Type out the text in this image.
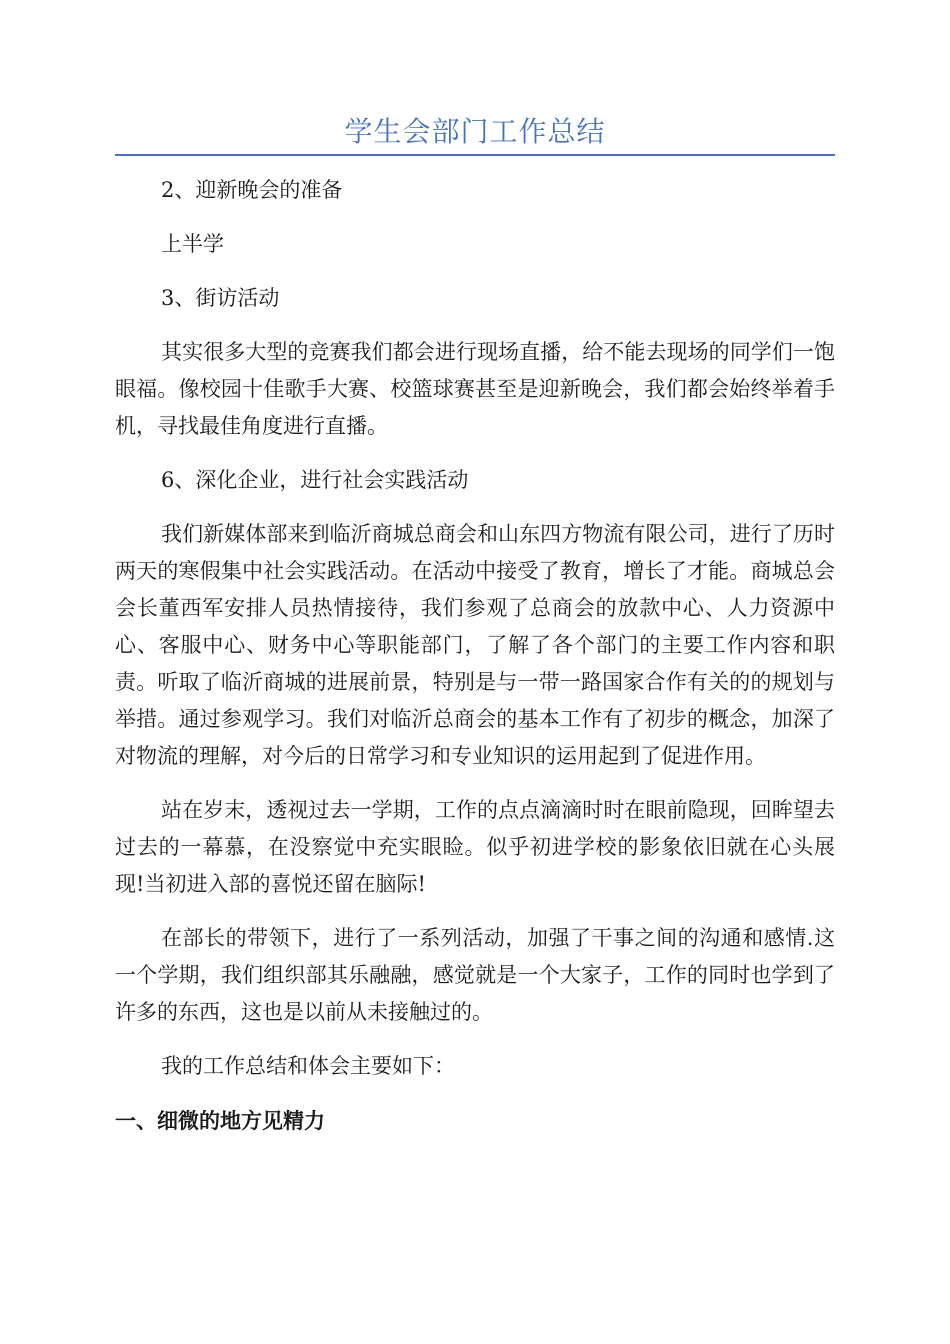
学生会部门工作总结

2、迎新晚会的准备

上半学

3、街访活动

其实很多大型的竞赛我们都会进行现场直播，给不能去现场的同学们一饱眼福。像校园十佳歌手大赛、校篮球赛甚至是迎新晚会，我们都会始终举着手机，寻找最佳角度进行直播。

6、深化企业，进行社会实践活动

我们新媒体部来到临沂商城总商会和山东四方物流有限公司，进行了历时两天的寒假集中社会实践活动。在活动中接受了教育，增长了才能。商城总会会长董西军安排人员热情接待，我们参观了总商会的放款中心、人力资源中心、客服中心、财务中心等职能部门，了解了各个部门的主要工作内容和职责。听取了临沂商城的进展前景，特别是与一带一路国家合作有关的的规划与举措。通过参观学习。我们对临沂总商会的基本工作有了初步的概念，加深了对物流的理解，对今后的日常学习和专业知识的运用起到了促进作用。

站在岁末，透视过去一学期，工作的点点滴滴时时在眼前隐现，回眸望去过去的一幕慕，在没察觉中充实眼睑。似乎初进学校的影象依旧就在心头展现!当初进入部的喜悦还留在脑际!

在部长的带领下，进行了一系列活动，加强了干事之间的沟通和感情.这一个学期，我们组织部其乐融融，感觉就是一个大家子，工作的同时也学到了许多的东西，这也是以前从未接触过的。

我的工作总结和体会主要如下：

一、细微的地方见精力
